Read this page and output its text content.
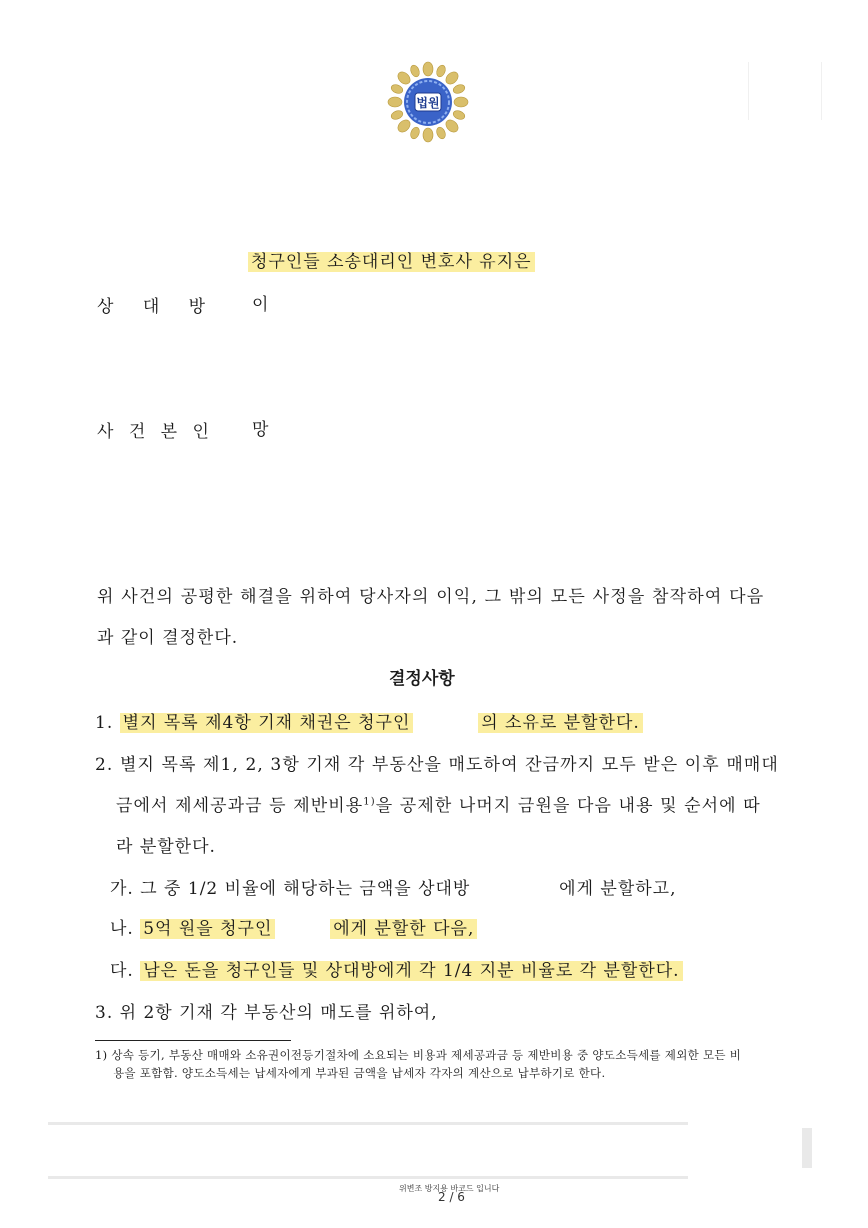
법원
청구인들 소송대리인 변호사 유지은
상 대 방 이
사 건 본 인 망
위 사건의 공평한 해결을 위하여 당사자의 이익, 그 밖의 모든 사정을 참작하여 다음
과 같이 결정한다.
결정사항
1. 별지 목록 제4항 기재 채권은 청구인	의 소유로 분할한다.
2. 별지 목록 제1, 2, 3항 기재 각 부동산을 매도하여 잔금까지 모두 받은 이후 매매대
금에서 제세공과금 등 제반비용$^{1)}$을 공제한 나머지 금원을 다음 내용 및 순서에 따
라 분할한다.
가. 그 중 1/2 비율에 해당하는 금액을 상대방	에게 분할하고,
나. 5억 원을 청구인	에게 분할한 다음,
다. 남은 돈을 청구인들 및 상대방에게 각 1/4 지분 비율로 각 분할한다.
3. 위 2항 기재 각 부동산의 매도를 위하여,
1) 상속 등기, 부동산 매매와 소유권이전등기절차에 소요되는 비용과 제세공과금 등 제반비용 중 양도소득세를 제외한 모든 비
용을 포함함. 양도소득세는 납세자에게 부과된 금액을 납세자 각자의 계산으로 납부하기로 한다.
위변조 방지용 바코드 입니다
2 / 6
